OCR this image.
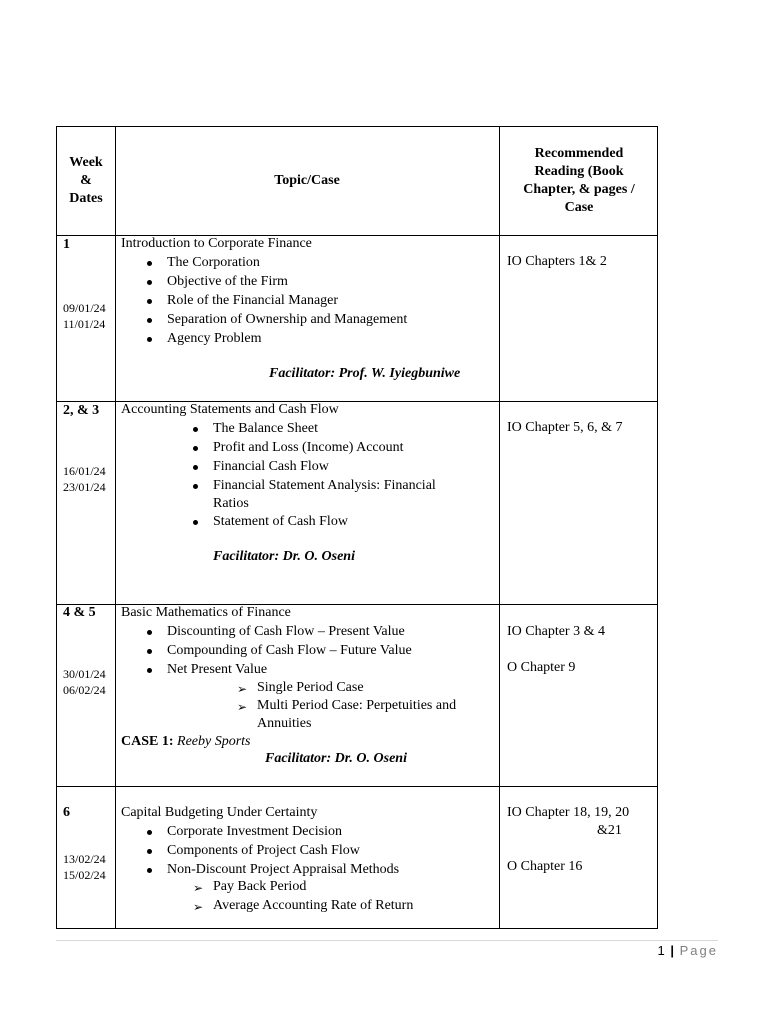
Week
&
Dates
Topic/Case
Recommended
Reading (Book
Chapter, & pages /
Case
1
09/01/24
11/01/24
Introduction to Corporate Finance
The Corporation
Objective of the Firm
Role of the Financial Manager
Separation of Ownership and Management
Agency Problem
Facilitator: Prof. W. Iyiegbuniwe
IO Chapters 1& 2
2, & 3
16/01/24
23/01/24
Accounting Statements and Cash Flow
The Balance Sheet
Profit and Loss (Income) Account
Financial Cash Flow
Financial Statement Analysis: Financial
Ratios
Statement of Cash Flow
Facilitator: Dr. O. Oseni
IO Chapter 5, 6, & 7
4 & 5
30/01/24
06/02/24
Basic Mathematics of Finance
Discounting of Cash Flow – Present Value
Compounding of Cash Flow – Future Value
Net Present Value
➢ Single Period Case
➢ Multi Period Case: Perpetuities and
Annuities
CASE 1: Reeby Sports
Facilitator: Dr. O. Oseni
IO Chapter 3 & 4
O Chapter 9
6
13/02/24
15/02/24
Capital Budgeting Under Certainty
Corporate Investment Decision
Components of Project Cash Flow
Non-Discount Project Appraisal Methods
➢ Pay Back Period
➢ Average Accounting Rate of Return
IO Chapter 18, 19, 20
&21
O Chapter 16
1 | Page
